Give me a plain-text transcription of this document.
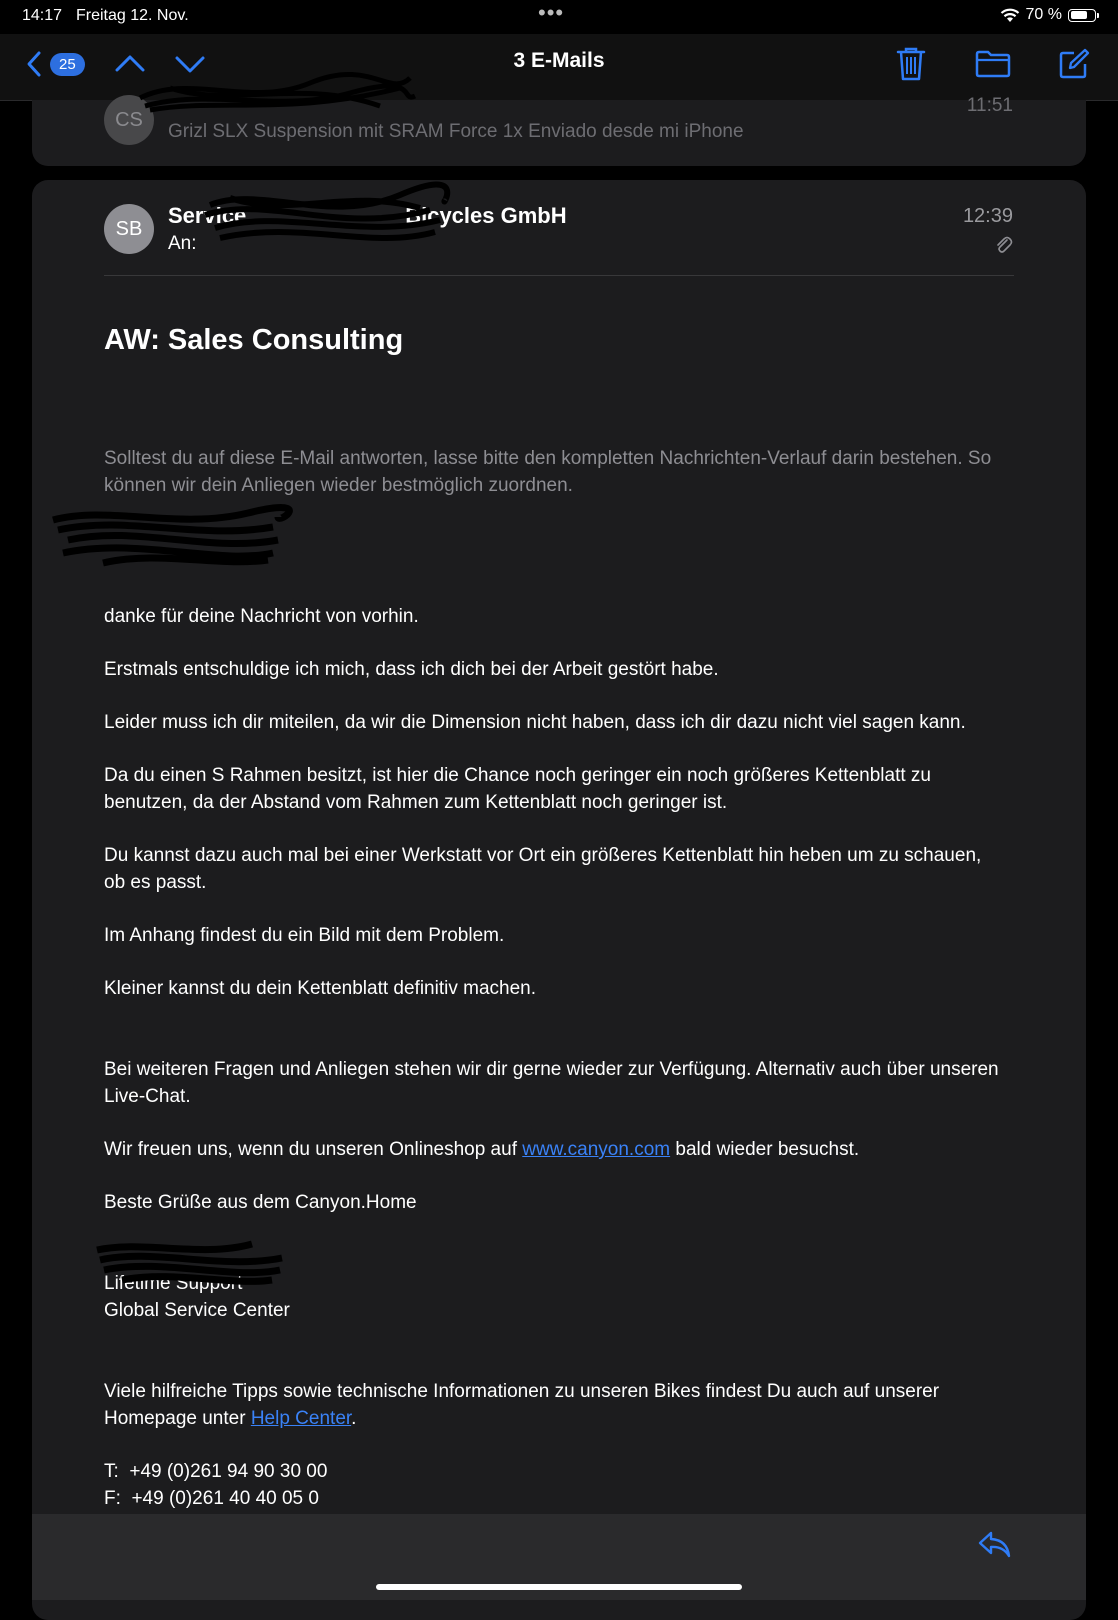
14:17 Freitag 12. Nov.	•••	70 %
25	3 E-Mails
CS
11:51
Grizl SLX Suspension mit SRAM Force 1x Enviado desde mi iPhone
SB
Service                          Bicycles GmbH
An:
12:39
AW: Sales Consulting

Solltest du auf diese E-Mail antworten, lasse bitte den kompletten Nachrichten-Verlauf darin bestehen. So können wir dein Anliegen wieder bestmöglich zuordnen.

danke für deine Nachricht von vorhin.

Erstmals entschuldige ich mich, dass ich dich bei der Arbeit gestört habe.

Leider muss ich dir miteilen, da wir die Dimension nicht haben, dass ich dir dazu nicht viel sagen kann.

Da du einen S Rahmen besitzt, ist hier die Chance noch geringer ein noch größeres Kettenblatt zu benutzen, da der Abstand vom Rahmen zum Kettenblatt noch geringer ist.

Du kannst dazu auch mal bei einer Werkstatt vor Ort ein größeres Kettenblatt hin heben um zu schauen, ob es passt.

Im Anhang findest du ein Bild mit dem Problem.

Kleiner kannst du dein Kettenblatt definitiv machen.

Bei weiteren Fragen und Anliegen stehen wir dir gerne wieder zur Verfügung. Alternativ auch über unseren Live-Chat.

Wir freuen uns, wenn du unseren Onlineshop auf www.canyon.com bald wieder besuchst.

Beste Grüße aus dem Canyon.Home

Lifetime Support

Global Service Center

Viele hilfreiche Tipps sowie technische Informationen zu unseren Bikes findest Du auch auf unserer Homepage unter Help Center.

T: +49 (0)261 94 90 30 00

F: +49 (0)261 40 40 05 0
